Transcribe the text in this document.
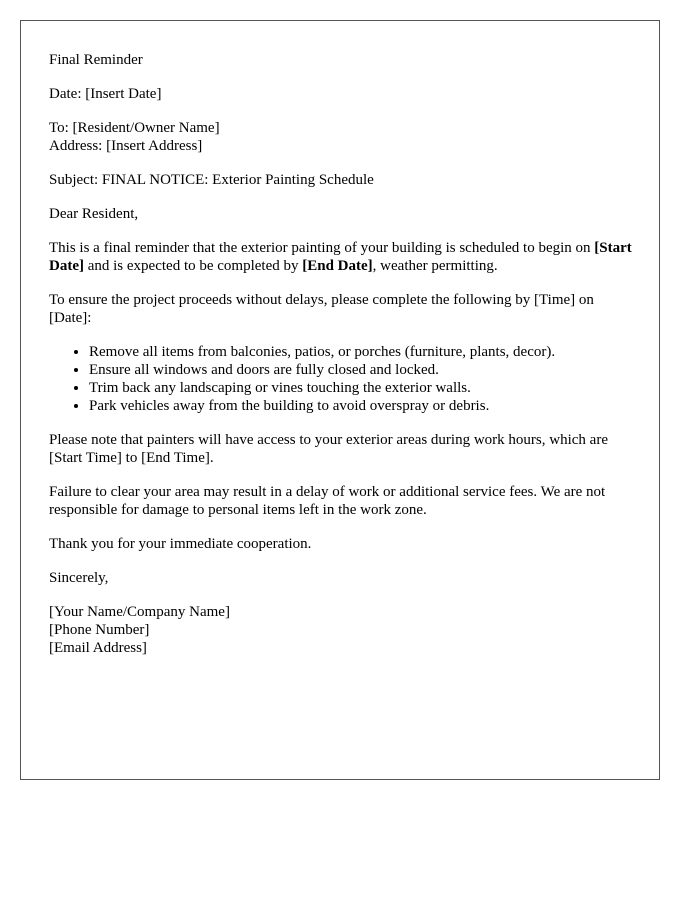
Final Reminder

Date: [Insert Date]

To: [Resident/Owner Name]
Address: [Insert Address]

Subject: FINAL NOTICE: Exterior Painting Schedule

Dear Resident,

This is a final reminder that the exterior painting of your building is scheduled to begin on [Start Date] and is expected to be completed by [End Date], weather permitting.

To ensure the project proceeds without delays, please complete the following by [Time] on [Date]:

• Remove all items from balconies, patios, or porches (furniture, plants, decor).
• Ensure all windows and doors are fully closed and locked.
• Trim back any landscaping or vines touching the exterior walls.
• Park vehicles away from the building to avoid overspray or debris.

Please note that painters will have access to your exterior areas during work hours, which are [Start Time] to [End Time].

Failure to clear your area may result in a delay of work or additional service fees. We are not responsible for damage to personal items left in the work zone.

Thank you for your immediate cooperation.

Sincerely,

[Your Name/Company Name]
[Phone Number]
[Email Address]
